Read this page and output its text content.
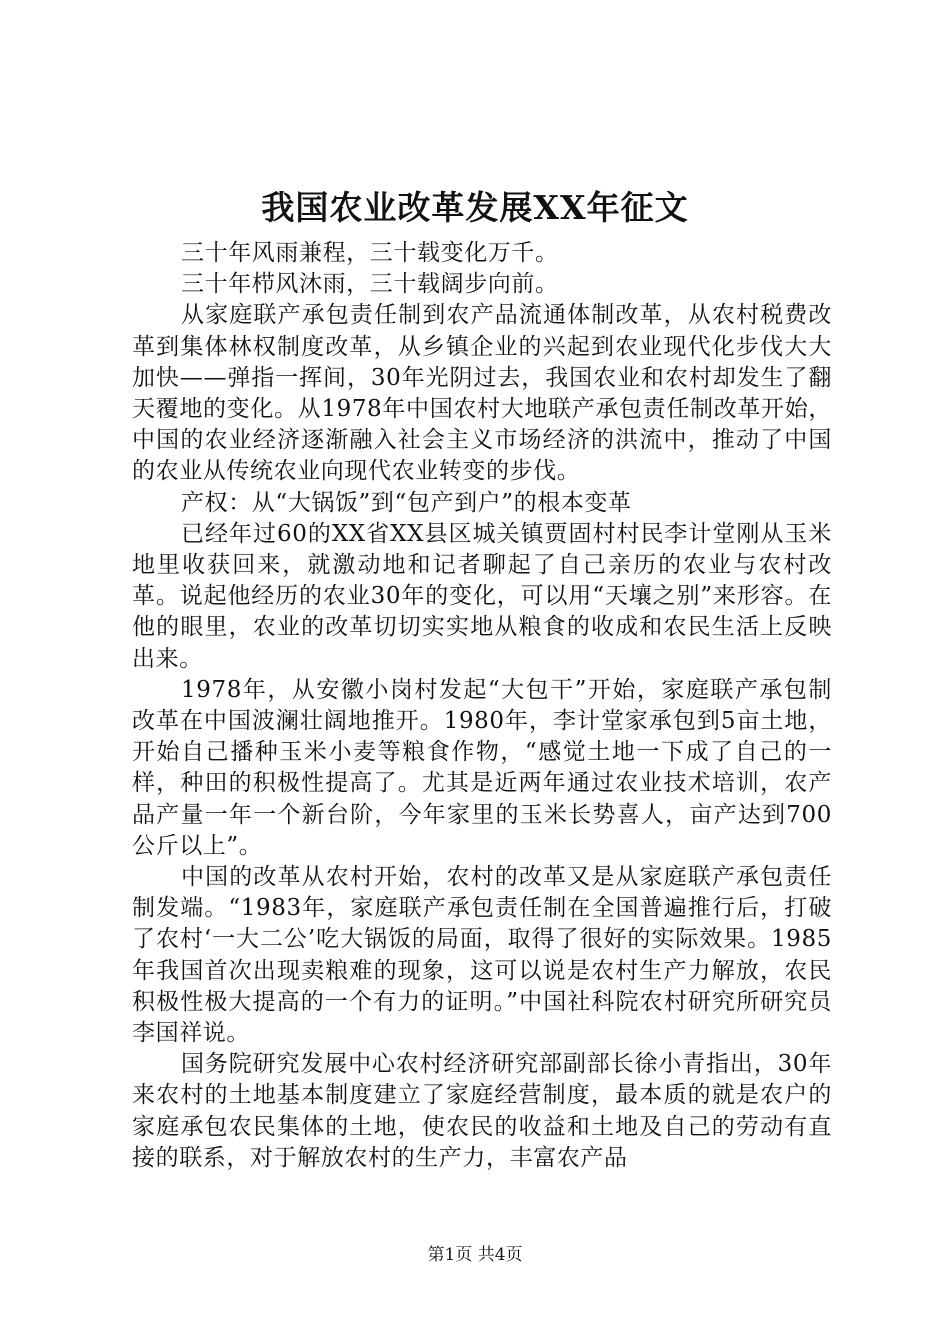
我国农业改革发展XX年征文

三十年风雨兼程，三十载变化万千。

三十年栉风沐雨，三十载阔步向前。

从家庭联产承包责任制到农产品流通体制改革，从农村税费改革到集体林权制度改革，从乡镇企业的兴起到农业现代化步伐大大加快——弹指一挥间，30年光阴过去，我国农业和农村却发生了翻天覆地的变化。从1978年中国农村大地联产承包责任制改革开始，中国的农业经济逐渐融入社会主义市场经济的洪流中，推动了中国的农业从传统农业向现代农业转变的步伐。

产权：从“大锅饭”到“包产到户”的根本变革

已经年过60的XX省XX县区城关镇贾固村村民李计堂刚从玉米地里收获回来，就激动地和记者聊起了自己亲历的农业与农村改革。说起他经历的农业30年的变化，可以用“天壤之别”来形容。在他的眼里，农业的改革切切实实地从粮食的收成和农民生活上反映出来。

1978年，从安徽小岗村发起“大包干”开始，家庭联产承包制改革在中国波澜壮阔地推开。1980年，李计堂家承包到5亩土地，开始自己播种玉米小麦等粮食作物，“感觉土地一下成了自己的一样，种田的积极性提高了。尤其是近两年通过农业技术培训，农产品产量一年一个新台阶，今年家里的玉米长势喜人，亩产达到700公斤以上”。

中国的改革从农村开始，农村的改革又是从家庭联产承包责任制发端。“1983年，家庭联产承包责任制在全国普遍推行后，打破了农村‘一大二公’吃大锅饭的局面，取得了很好的实际效果。1985年我国首次出现卖粮难的现象，这可以说是农村生产力解放，农民积极性极大提高的一个有力的证明。”中国社科院农村研究所研究员李国祥说。

国务院研究发展中心农村经济研究部副部长徐小青指出，30年来农村的土地基本制度建立了家庭经营制度，最本质的就是农户的家庭承包农民集体的土地，使农民的收益和土地及自己的劳动有直接的联系，对于解放农村的生产力，丰富农产品

第1页 共4页
